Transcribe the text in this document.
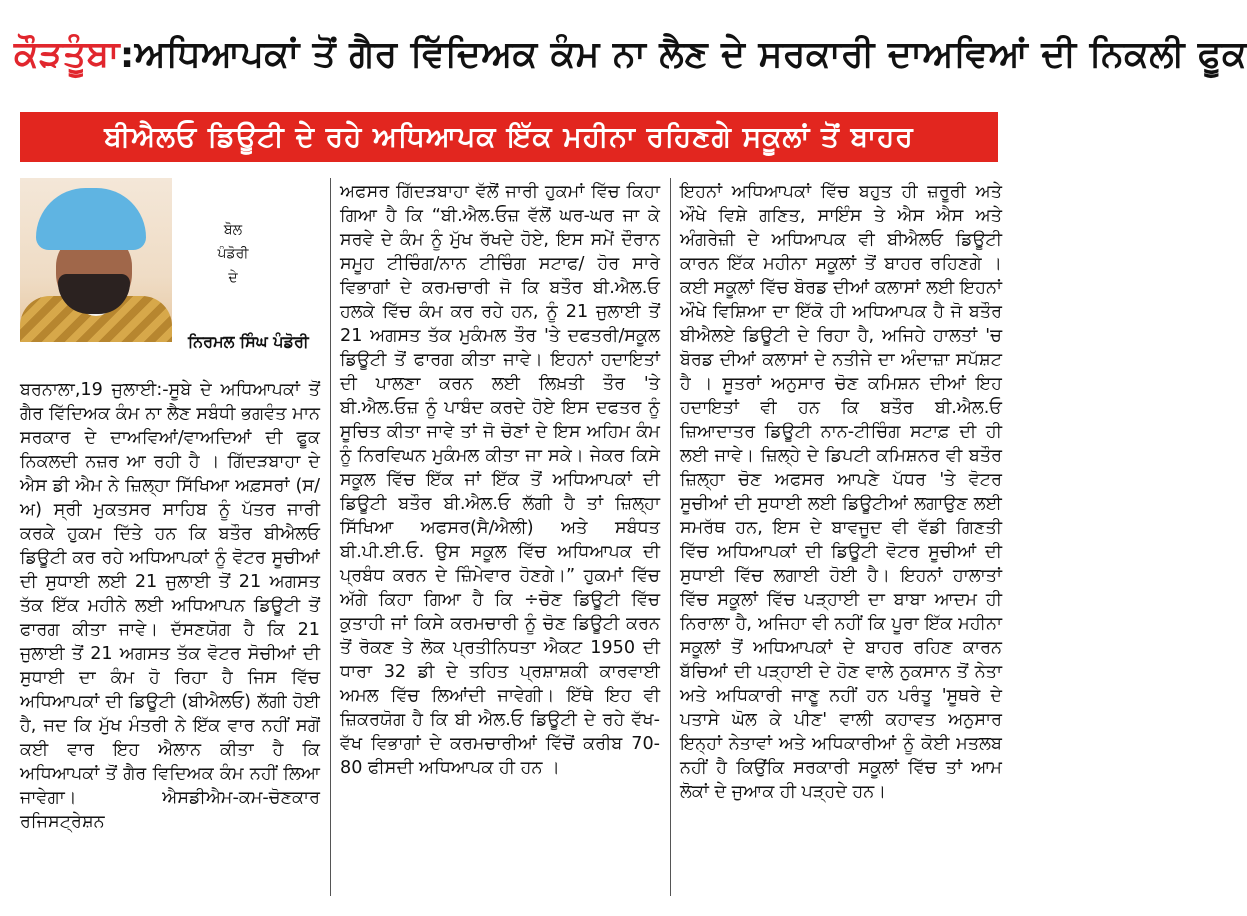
ਕੌੜਤੂੰਬਾ : ਅਧਿਆਪਕਾਂ ਤੋਂ ਗੈਰ ਵਿੱਦਿਅਕ ਕੰਮ ਨਾ ਲੈਣ ਦੇ ਸਰਕਾਰੀ ਦਾਅਵਿਆਂ ਦੀ ਨਿਕਲੀ ਫੂਕ
ਬੀਐਲਓ ਡਿਊਟੀ ਦੇ ਰਹੇ ਅਧਿਆਪਕ ਇੱਕ ਮਹੀਨਾ ਰਹਿਣਗੇ ਸਕੂਲਾਂ ਤੋਂ ਬਾਹਰ
ਬੋਲ
ਪੰਡੋਰੀ
ਦੇ
ਨਿਰਮਲ ਸਿੰਘ ਪੰਡੋਰੀ

ਬਰਨਾਲਾ,19 ਜੁਲਾਈ:-ਸੂਬੇ ਦੇ ਅਧਿਆਪਕਾਂ ਤੋਂ ਗੈਰ ਵਿੱਦਿਅਕ ਕੰਮ ਨਾ ਲੈਣ ਸਬੰਧੀ ਭਗਵੰਤ ਮਾਨ ਸਰਕਾਰ ਦੇ ਦਾਅਵਿਆਂ/ਵਾਅਦਿਆਂ ਦੀ ਫੂਕ ਨਿਕਲਦੀ ਨਜ਼ਰ ਆ ਰਹੀ ਹੈ । ਗਿੱਦੜਬਾਹਾ ਦੇ ਐਸ ਡੀ ਐਮ ਨੇ ਜ਼ਿਲ੍ਹਾ ਸਿੱਖਿਆ ਅਫ਼ਸਰਾਂ (ਸ/ਅ) ਸ੍ਰੀ ਮੁਕਤਸਰ ਸਾਹਿਬ ਨੂੰ ਪੱਤਰ ਜਾਰੀ ਕਰਕੇ ਹੁਕਮ ਦਿੱਤੇ ਹਨ ਕਿ ਬਤੌਰ ਬੀਐਲਓ ਡਿਊਟੀ ਕਰ ਰਹੇ ਅਧਿਆਪਕਾਂ ਨੂੰ ਵੋਟਰ ਸੂਚੀਆਂ ਦੀ ਸੁਧਾਈ ਲਈ 21 ਜੁਲਾਈ ਤੋਂ 21 ਅਗਸਤ ਤੱਕ ਇੱਕ ਮਹੀਨੇ ਲਈ ਅਧਿਆਪਨ ਡਿਊਟੀ ਤੋਂ ਫਾਰਗ ਕੀਤਾ ਜਾਵੇ। ਦੱਸਣਯੋਗ ਹੈ ਕਿ 21 ਜੁਲਾਈ ਤੋਂ 21 ਅਗਸਤ ਤੱਕ ਵੋਟਰ ਸੋਚੀਆਂ ਦੀ ਸੁਧਾਈ ਦਾ ਕੰਮ ਹੋ ਰਿਹਾ ਹੈ ਜਿਸ ਵਿੱਚ ਅਧਿਆਪਕਾਂ ਦੀ ਡਿਊਟੀ (ਬੀਐਲਓ) ਲੱਗੀ ਹੋਈ ਹੈ, ਜਦ ਕਿ ਮੁੱਖ ਮੰਤਰੀ ਨੇ ਇੱਕ ਵਾਰ ਨਹੀਂ ਸਗੋਂ ਕਈ ਵਾਰ ਇਹ ਐਲਾਨ ਕੀਤਾ ਹੈ ਕਿ ਅਧਿਆਪਕਾਂ ਤੋਂ ਗੈਰ ਵਿਦਿਅਕ ਕੰਮ ਨਹੀਂ ਲਿਆ ਜਾਵੇਗਾ। ਐਸਡੀਐਮ-ਕਮ-ਚੋਣਕਾਰ ਰਜਿਸਟ੍ਰੇਸ਼ਨ

ਅਫਸਰ ਗਿੱਦੜਬਾਹਾ ਵੱਲੋਂ ਜਾਰੀ ਹੁਕਮਾਂ ਵਿੱਚ ਕਿਹਾ ਗਿਆ ਹੈ ਕਿ “ਬੀ.ਐਲ.ਓਜ਼ ਵੱਲੋਂ ਘਰ-ਘਰ ਜਾ ਕੇ ਸਰਵੇ ਦੇ ਕੰਮ ਨੂੰ ਮੁੱਖ ਰੱਖਦੇ ਹੋਏ, ਇਸ ਸਮੇਂ ਦੌਰਾਨ ਸਮੂਹ ਟੀਚਿੰਗ/ਨਾਨ ਟੀਚਿੰਗ ਸਟਾਫ/ ਹੋਰ ਸਾਰੇ ਵਿਭਾਗਾਂ ਦੇ ਕਰਮਚਾਰੀ ਜੋ ਕਿ ਬਤੌਰ ਬੀ.ਐਲ.ਓ ਹਲਕੇ ਵਿੱਚ ਕੰਮ ਕਰ ਰਹੇ ਹਨ, ਨੂੰ 21 ਜੁਲਾਈ ਤੋਂ 21 ਅਗਸਤ ਤੱਕ ਮੁਕੰਮਲ ਤੌਰ 'ਤੇ ਦਫਤਰੀ/ਸਕੂਲ ਡਿਊਟੀ ਤੋਂ ਫਾਰਗ ਕੀਤਾ ਜਾਵੇ। ਇਹਨਾਂ ਹਦਾਇਤਾਂ ਦੀ ਪਾਲਣਾ ਕਰਨ ਲਈ ਲਿਖ਼ਤੀ ਤੌਰ 'ਤੇ ਬੀ.ਐਲ.ਓਜ਼ ਨੂੰ ਪਾਬੰਦ ਕਰਦੇ ਹੋਏ ਇਸ ਦਫਤਰ ਨੂੰ ਸੂਚਿਤ ਕੀਤਾ ਜਾਵੇ ਤਾਂ ਜੋ ਚੋਣਾਂ ਦੇ ਇਸ ਅਹਿਮ ਕੰਮ ਨੂੰ ਨਿਰਵਿਘਨ ਮੁਕੰਮਲ ਕੀਤਾ ਜਾ ਸਕੇ। ਜੇਕਰ ਕਿਸੇ ਸਕੂਲ ਵਿੱਚ ਇੱਕ ਜਾਂ ਇੱਕ ਤੋਂ ਅਧਿਆਪਕਾਂ ਦੀ ਡਿਊਟੀ ਬਤੌਰ ਬੀ.ਐਲ.ਓ ਲੱਗੀ ਹੈ ਤਾਂ ਜ਼ਿਲ੍ਹਾ ਸਿੱਖਿਆ ਅਫਸਰ(ਸੈ/ਐਲੀ) ਅਤੇ ਸਬੰਧਤ ਬੀ.ਪੀ.ਈ.ਓ. ਉਸ ਸਕੂਲ ਵਿੱਚ ਅਧਿਆਪਕ ਦੀ ਪ੍ਰਬੰਧ ਕਰਨ ਦੇ ਜ਼ਿੰਮੇਵਾਰ ਹੋਣਗੇ।” ਹੁਕਮਾਂ ਵਿੱਚ ਅੱਗੇ ਕਿਹਾ ਗਿਆ ਹੈ ਕਿ ÷ਚੋਣ ਡਿਊਟੀ ਵਿੱਚ ਕੁਤਾਹੀ ਜਾਂ ਕਿਸੇ ਕਰਮਚਾਰੀ ਨੂੰ ਚੋਣ ਡਿਊਟੀ ਕਰਨ ਤੋਂ ਰੋਕਣ ਤੇ ਲੋਕ ਪ੍ਰਤੀਨਿਧਤਾ ਐਕਟ 1950 ਦੀ ਧਾਰਾ 32 ਡੀ ਦੇ ਤਹਿਤ ਪ੍ਰਸ਼ਾਸ਼ਕੀ ਕਾਰਵਾਈ ਅਮਲ ਵਿੱਚ ਲਿਆਂਦੀ ਜਾਵੇਗੀ। ਇੱਥੇ ਇਹ ਵੀ ਜ਼ਿਕਰਯੋਗ ਹੈ ਕਿ ਬੀ ਐਲ.ਓ ਡਿਊਟੀ ਦੇ ਰਹੇ ਵੱਖ-ਵੱਖ ਵਿਭਾਗਾਂ ਦੇ ਕਰਮਚਾਰੀਆਂ ਵਿੱਚੋਂ ਕਰੀਬ 70-80 ਫੀਸਦੀ ਅਧਿਆਪਕ ਹੀ ਹਨ ।

ਇਹਨਾਂ ਅਧਿਆਪਕਾਂ ਵਿੱਚ ਬਹੁਤ ਹੀ ਜ਼ਰੂਰੀ ਅਤੇ ਔਖੇ ਵਿਸ਼ੇ ਗਣਿਤ, ਸਾਇੰਸ ਤੇ ਐਸ ਐਸ ਅਤੇ ਅੰਗਰੇਜ਼ੀ ਦੇ ਅਧਿਆਪਕ ਵੀ ਬੀਐਲਓ ਡਿਊਟੀ ਕਾਰਨ ਇੱਕ ਮਹੀਨਾ ਸਕੂਲਾਂ ਤੋਂ ਬਾਹਰ ਰਹਿਣਗੇ । ਕਈ ਸਕੂਲਾਂ ਵਿੱਚ ਬੋਰਡ ਦੀਆਂ ਕਲਾਸਾਂ ਲਈ ਇਹਨਾਂ ਔਖੇ ਵਿਸ਼ਿਆ ਦਾ ਇੱਕੋ ਹੀ ਅਧਿਆਪਕ ਹੈ ਜੋ ਬਤੌਰ ਬੀਐਲਏ ਡਿਊਟੀ ਦੇ ਰਿਹਾ ਹੈ, ਅਜਿਹੇ ਹਾਲਤਾਂ 'ਚ ਬੋਰਡ ਦੀਆਂ ਕਲਾਸਾਂ ਦੇ ਨਤੀਜੇ ਦਾ ਅੰਦਾਜ਼ਾ ਸਪੱਸ਼ਟ ਹੈ । ਸੂਤਰਾਂ ਅਨੁਸਾਰ ਚੋਣ ਕਮਿਸ਼ਨ ਦੀਆਂ ਇਹ ਹਦਾਇਤਾਂ ਵੀ ਹਨ ਕਿ ਬਤੌਰ ਬੀ.ਐਲ.ਓ ਜ਼ਿਆਦਾਤਰ ਡਿਊਟੀ ਨਾਨ-ਟੀਚਿੰਗ ਸਟਾਫ਼ ਦੀ ਹੀ ਲਈ ਜਾਵੇ। ਜ਼ਿਲ੍ਹੇ ਦੇ ਡਿਪਟੀ ਕਮਿਸ਼ਨਰ ਵੀ ਬਤੌਰ ਜ਼ਿਲ੍ਹਾ ਚੋਣ ਅਫਸਰ ਆਪਣੇ ਪੱਧਰ 'ਤੇ ਵੋਟਰ ਸੂਚੀਆਂ ਦੀ ਸੁਧਾਈ ਲਈ ਡਿਊਟੀਆਂ ਲਗਾਉਣ ਲਈ ਸਮਰੱਥ ਹਨ, ਇਸ ਦੇ ਬਾਵਜੂਦ ਵੀ ਵੱਡੀ ਗਿਣਤੀ ਵਿੱਚ ਅਧਿਆਪਕਾਂ ਦੀ ਡਿਊਟੀ ਵੋਟਰ ਸੂਚੀਆਂ ਦੀ ਸੁਧਾਈ ਵਿੱਚ ਲਗਾਈ ਹੋਈ ਹੈ। ਇਹਨਾਂ ਹਾਲਾਤਾਂ ਵਿੱਚ ਸਕੂਲਾਂ ਵਿੱਚ ਪੜ੍ਹਾਈ ਦਾ ਬਾਬਾ ਆਦਮ ਹੀ ਨਿਰਾਲਾ ਹੈ, ਅਜਿਹਾ ਵੀ ਨਹੀਂ ਕਿ ਪੂਰਾ ਇੱਕ ਮਹੀਨਾ ਸਕੂਲਾਂ ਤੋਂ ਅਧਿਆਪਕਾਂ ਦੇ ਬਾਹਰ ਰਹਿਣ ਕਾਰਨ ਬੱਚਿਆਂ ਦੀ ਪੜ੍ਹਾਈ ਦੇ ਹੋਣ ਵਾਲੇ ਨੁਕਸਾਨ ਤੋਂ ਨੇਤਾ ਅਤੇ ਅਧਿਕਾਰੀ ਜਾਣੂ ਨਹੀਂ ਹਨ ਪਰੰਤੂ 'ਸੂਥਰੇ ਦੇ ਪਤਾਸੇ ਘੋਲ ਕੇ ਪੀਣ' ਵਾਲੀ ਕਹਾਵਤ ਅਨੁਸਾਰ ਇਨ੍ਹਾਂ ਨੇਤਾਵਾਂ ਅਤੇ ਅਧਿਕਾਰੀਆਂ ਨੂੰ ਕੋਈ ਮਤਲਬ ਨਹੀਂ ਹੈ ਕਿਉਂਕਿ ਸਰਕਾਰੀ ਸਕੂਲਾਂ ਵਿੱਚ ਤਾਂ ਆਮ ਲੋਕਾਂ ਦੇ ਜੁਆਕ ਹੀ ਪੜ੍ਹਦੇ ਹਨ।
